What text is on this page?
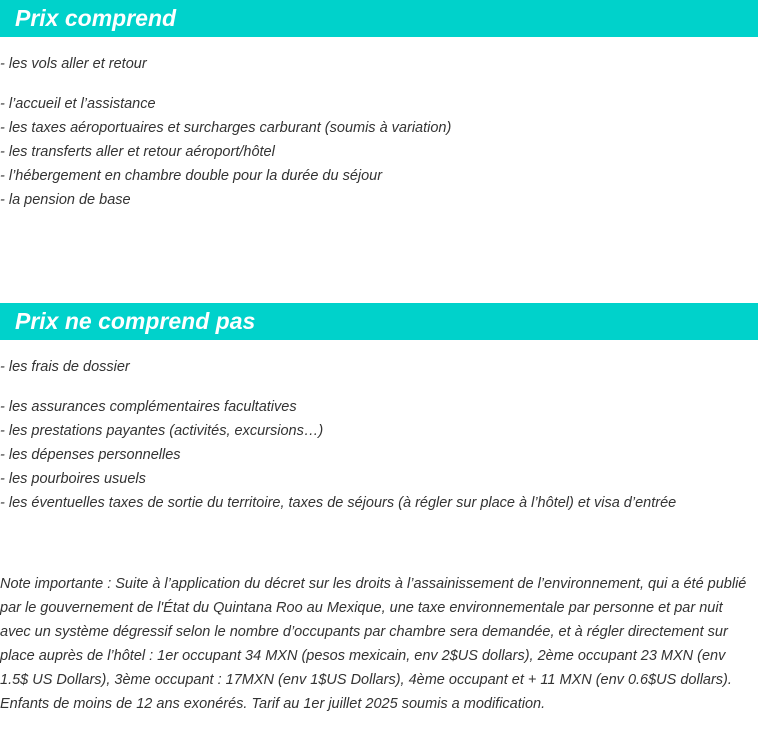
Prix comprend
- les vols aller et retour
- l’accueil et l’assistance
- les taxes aéroportuaires et surcharges carburant (soumis à variation)
- les transferts aller et retour aéroport/hôtel
- l’hébergement en chambre double pour la durée du séjour
- la pension de base
Prix ne comprend pas
- les frais de dossier
- les assurances complémentaires facultatives
- les prestations payantes (activités, excursions…)
- les dépenses personnelles
- les pourboires usuels
- les éventuelles taxes de sortie du territoire, taxes de séjours (à régler sur place à l’hôtel) et visa d’entrée

Note importante : Suite à l’application du décret sur les droits à l’assainissement de l’environnement, qui a été publié par le gouvernement de l'État du Quintana Roo au Mexique, une taxe environnementale par personne et par nuit avec un système dégressif selon le nombre d’occupants par chambre sera demandée, et à régler directement sur place auprès de l’hôtel : 1er occupant 34 MXN (pesos mexicain, env 2$US dollars), 2ème occupant 23 MXN (env 1.5$ US Dollars), 3ème occupant : 17MXN (env 1$US Dollars), 4ème occupant et + 11 MXN (env 0.6$US dollars). Enfants de moins de 12 ans exonérés. Tarif au 1er juillet 2025 soumis a modification.
